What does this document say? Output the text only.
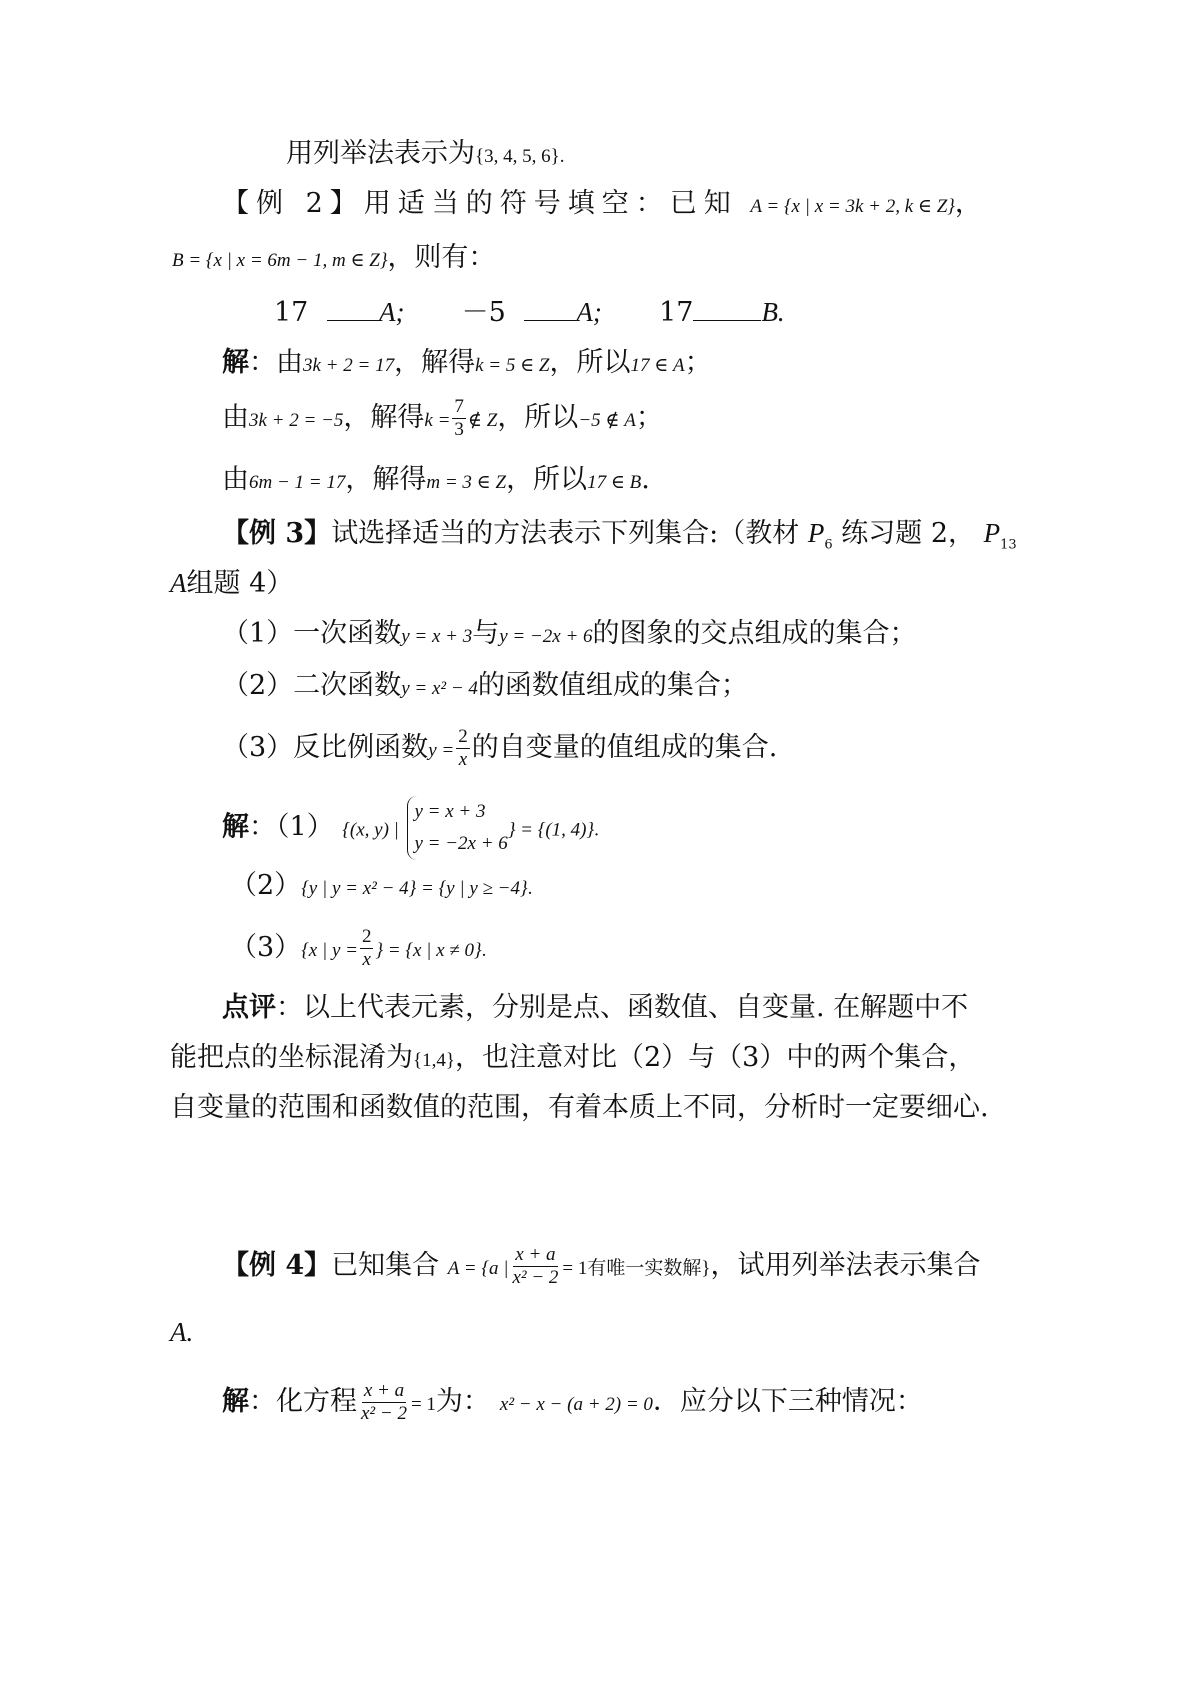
用列举法表示为{3, 4, 5, 6}.
【例 2】用适当的符号填空：已知 A = {x | x = 3k + 2, k ∈ Z}，
B = {x | x = 6m − 1, m ∈ Z}，则有：
17	A; －5	A; 17	B.
解：由3k + 2 = 17，解得k = 5 ∈ Z，所以17 ∈ A；
由3k + 2 = −5，解得$k = \frac{7}{3}$ ∉ Z，所以−5 ∉ A；
由6m − 1 = 17，解得m = 3 ∈ Z，所以17 ∈ B.
【例 3】试选择适当的方法表示下列集合:（教材 $P_6$ 练习题 2， $P_{13}$
A组题 4）
（1）一次函数y = x + 3与y = −2x + 6的图象的交点组成的集合；
（2）二次函数y = x² − 4的函数值组成的集合；
（3）反比例函数$y = \frac{2}{x}$ 的自变量的值组成的集合.
解：（1） {(x, y) | y = x + 3
y = −2x + 6} = {(1, 4)}.
（2）{y | y = x² − 4} = {y | y ≥ −4}.
（3）{x | $y = \frac{2}{x}$ } = {x | x ≠ 0}.
点评：以上代表元素，分别是点、函数值、自变量. 在解题中不
能把点的坐标混淆为{1,4}，也注意对比（2）与（3）中的两个集合，
自变量的范围和函数值的范围，有着本质上不同，分析时一定要细心.
【例 4】已知集合 A = {a | $\frac{x + a}{\text{x² − 2}} = 1$有唯一实数解}，试用列举法表示集合
A.
解：化方程 $\frac{x + a}{\text{x² − 2}} = 1$为： x² − x − (a + 2) = 0．应分以下三种情况：
